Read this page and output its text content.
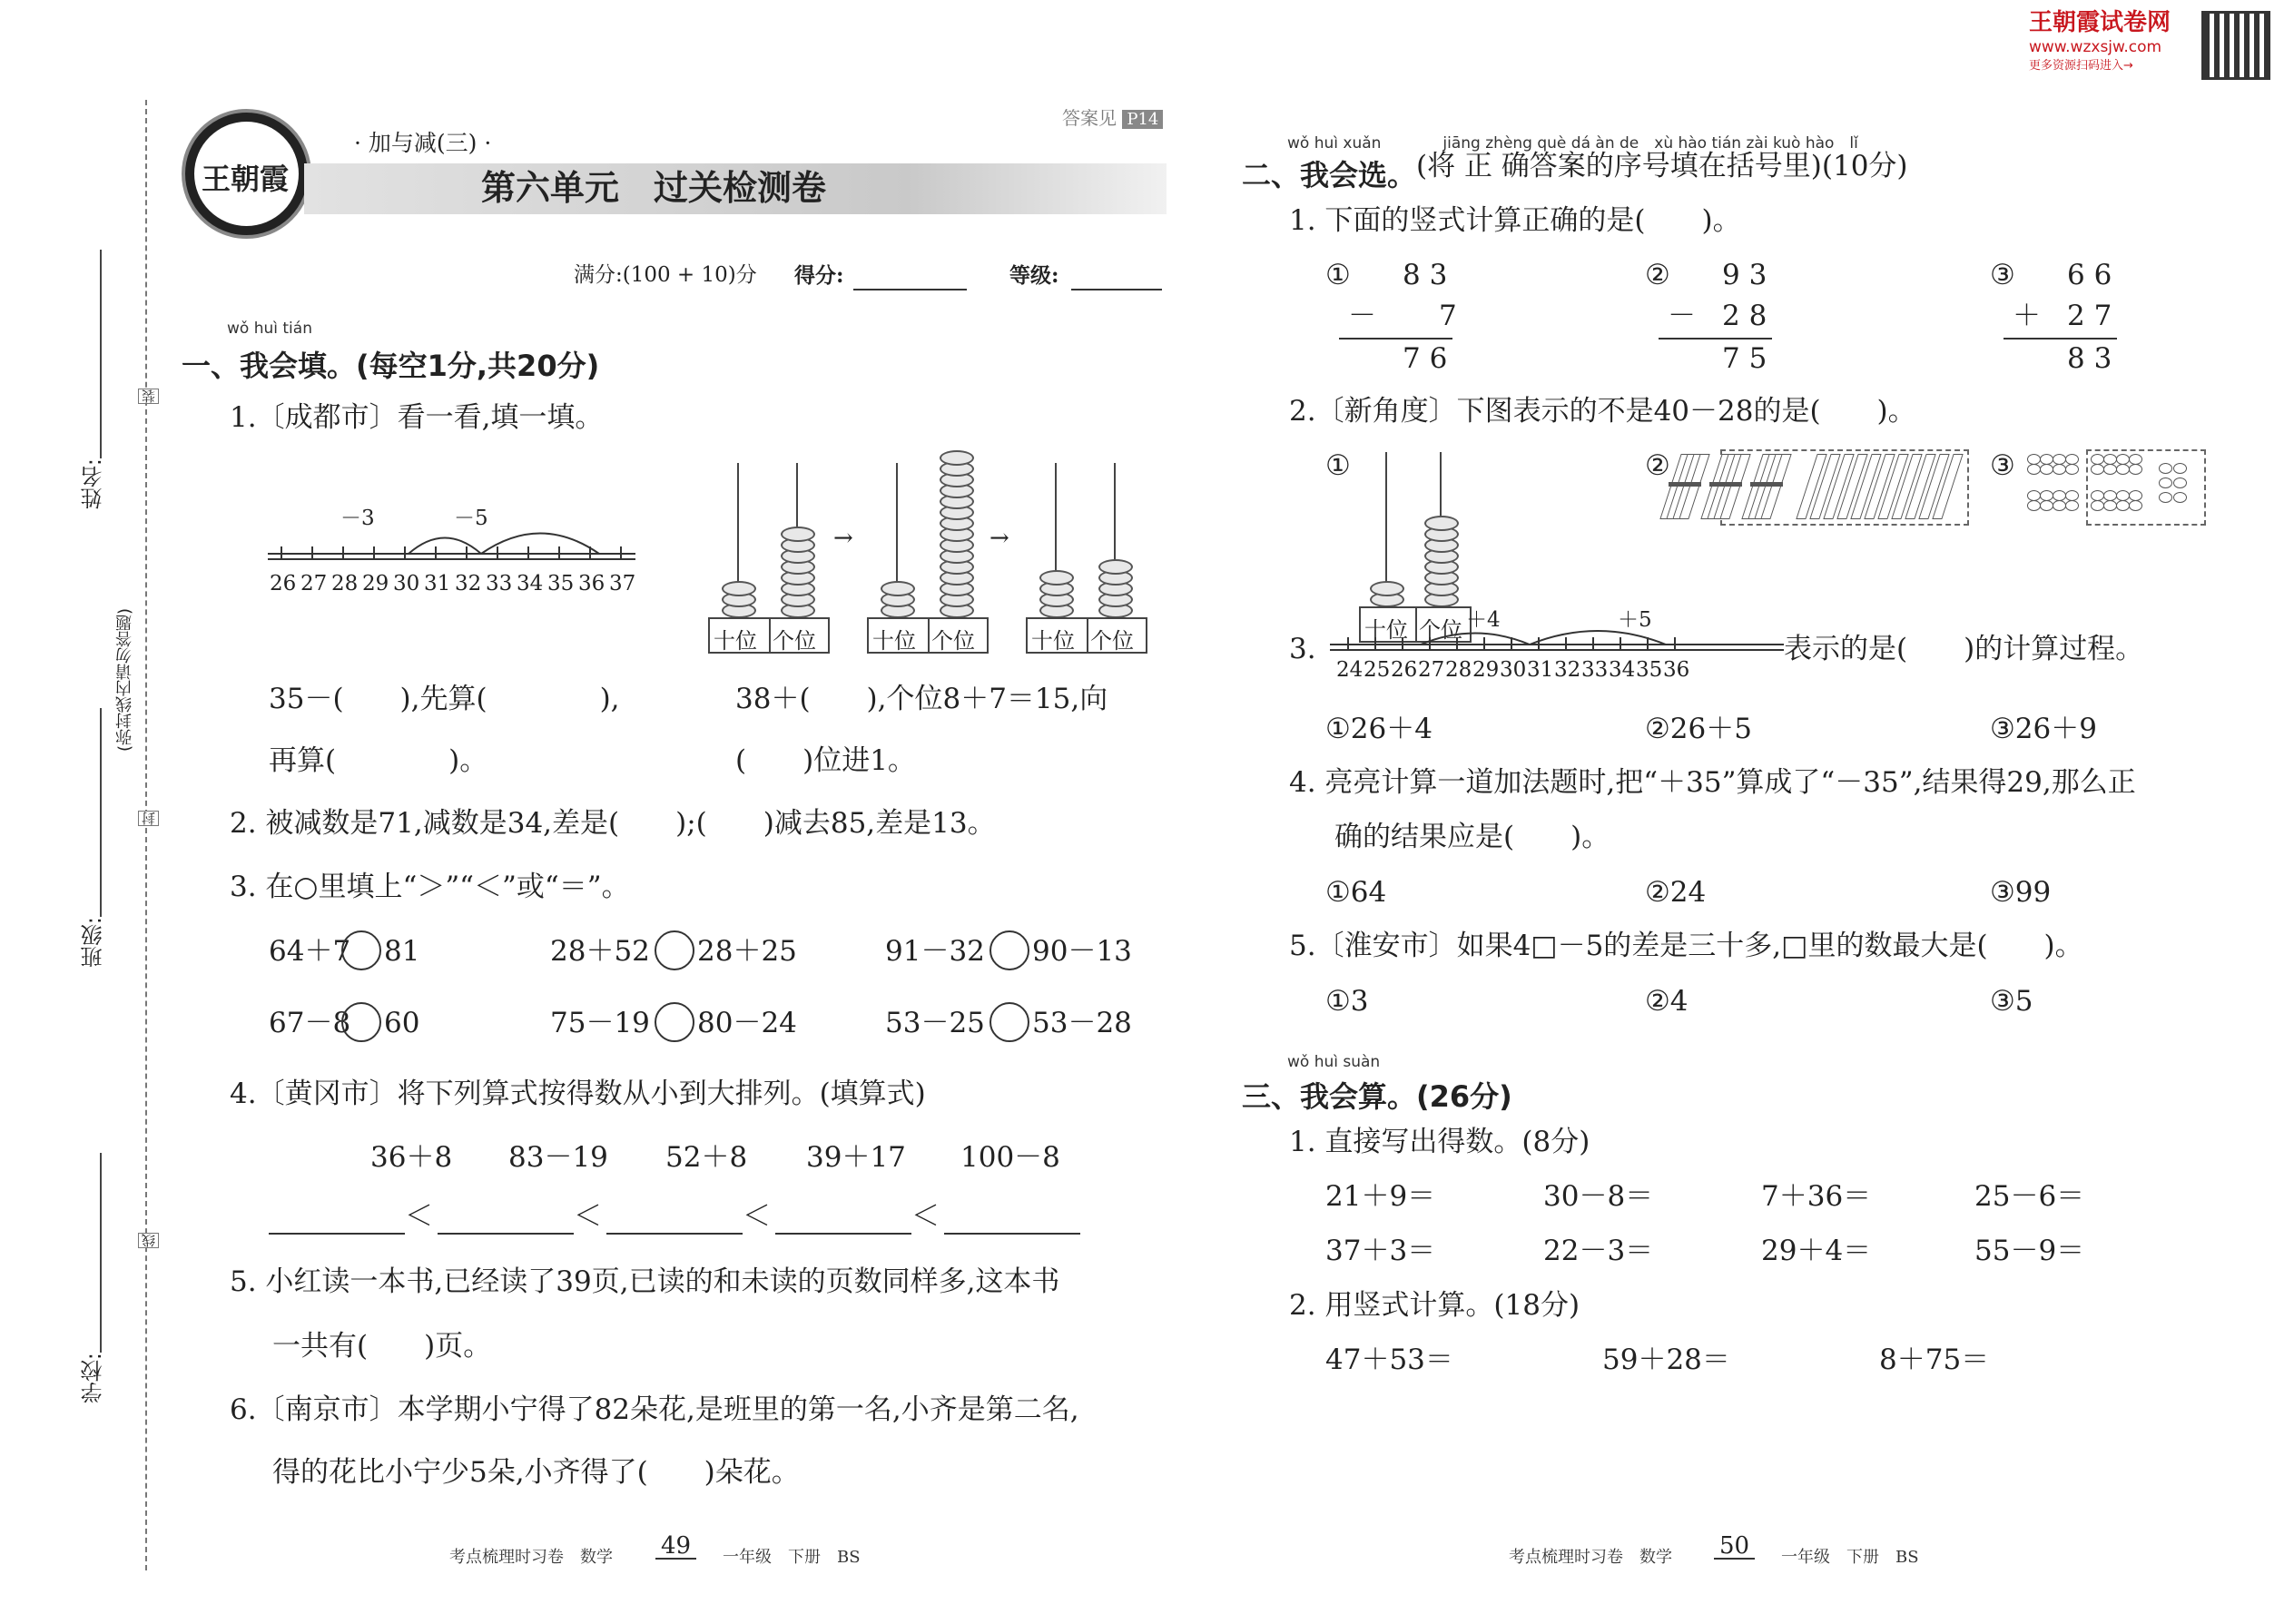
姓名:
班级:
学校:
(弥封线内请勿答题)
装
封
线
王朝霞
· 加与减(三) ·
第六单元　过关检测卷
答案见 P14
满分:(100 + 10)分 得分:	等级:
王朝霞试卷网
www.wzxsjw.com
更多资源扫码进入→
wǒ huì tián
一、我会填。(每空1分,共20分)
1.〔成都市〕看一看,填一填。
－3	－5
26 27 28 29 30 31 32 33 34 35 36 37
十位 个位
→
十位 个位
→
十位 个位
35－(　　),先算(　　　　),
再算(　　　　)。
38＋(　　),个位8＋7＝15,向
(　　)位进1。
2. 被减数是71,减数是34,差是(　　);(　　)减去85,差是13。
3. 在○里填上“＞”“＜”或“＝”。
64＋7 81	28＋52 28＋25	91－32 90－13
67－8 60	75－19 80－24	53－25 53－28
4.〔黄冈市〕将下列算式按得数从小到大排列。(填算式)
36＋8 83－19 52＋8 39＋17 100－8
＜	＜	＜	＜
5. 小红读一本书,已经读了39页,已读的和未读的页数同样多,这本书
一共有(　　)页。
6.〔南京市〕本学期小宁得了82朵花,是班里的第一名,小齐是第二名,
得的花比小宁少5朵,小齐得了(　　)朵花。
wǒ huì xuǎn　　　　jiāng zhèng què dá àn de　xù hào tián zài kuò hào　lǐ
二、我会选。 (将 正 确答案的序号填在括号里)(10分)
1. 下面的竖式计算正确的是(　　)。
① 8 3
－ 7
7 6
② 9 3
－ 2 8
7 5
③ 6 6
＋ 2 7
8 3
2.〔新角度〕下图表示的不是40－28的是(　　)。
①	②	③
十位 个位
3.
＋4	＋5
24 25 26 27 28 29 30 31 32 33 34 35 36
表示的是(　　)的计算过程。
①26＋4	②26＋5	③26＋9
4. 亮亮计算一道加法题时,把“＋35”算成了“－35”,结果得29,那么正
确的结果应是(　　)。
①64	②24	③99
5.〔淮安市〕如果4□－5的差是三十多,□里的数最大是(　　)。
①3	②4	③5
wǒ huì suàn
三、我会算。(26分)
1. 直接写出得数。(8分)
21＋9＝	30－8＝	7＋36＝	25－6＝
37＋3＝	22－3＝	29＋4＝	55－9＝
2. 用竖式计算。(18分)
47＋53＝	59＋28＝	8＋75＝
考点梳理时习卷　数学 49	一年级　下册　BS	考点梳理时习卷　数学 50	一年级　下册　BS
